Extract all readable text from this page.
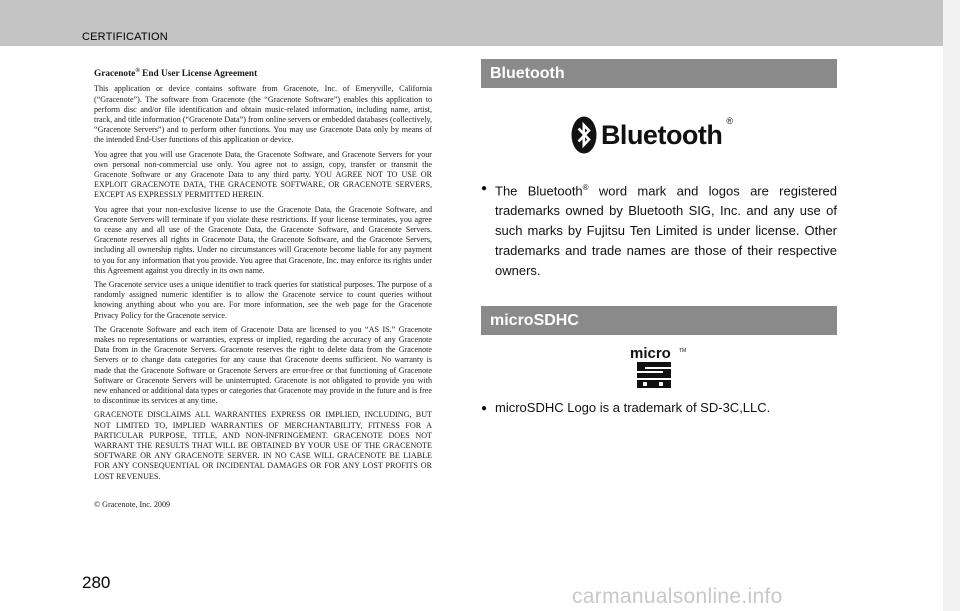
CERTIFICATION
Gracenote® End User License Agreement

This application or device contains software from Gracenote, Inc. of Emeryville, California (“Gracenote”). The software from Gracenote (the “Gracenote Software”) enables this application to perform disc and/or file identification and obtain music-related information, including name, artist, track, and title information (“Gracenote Data”) from online servers or embedded databases (collectively, “Gracenote Servers”) and to perform other functions. You may use Gracenote Data only by means of the intended End-User functions of this application or device.

You agree that you will use Gracenote Data, the Gracenote Software, and Gracenote Servers for your own personal non-commercial use only. You agree not to assign, copy, transfer or transmit the Gracenote Software or any Gracenote Data to any third party. YOU AGREE NOT TO USE OR EXPLOIT GRACENOTE DATA, THE GRACENOTE SOFTWARE, OR GRACENOTE SERVERS, EXCEPT AS EXPRESSLY PERMITTED HEREIN.

You agree that your non-exclusive license to use the Gracenote Data, the Gracenote Software, and Gracenote Servers will terminate if you violate these restrictions. If your license terminates, you agree to cease any and all use of the Gracenote Data, the Gracenote Software, and Gracenote Servers. Gracenote reserves all rights in Gracenote Data, the Gracenote Software, and the Gracenote Servers, including all ownership rights. Under no circumstances will Gracenote become liable for any payment to you for any information that you provide. You agree that Gracenote, Inc. may enforce its rights under this Agreement against you directly in its own name.

The Gracenote service uses a unique identifier to track queries for statistical purposes. The purpose of a randomly assigned numeric identifier is to allow the Gracenote service to count queries without knowing anything about who you are. For more information, see the web page for the Gracenote Privacy Policy for the Gracenote service.

The Gracenote Software and each item of Gracenote Data are licensed to you “AS IS.” Gracenote makes no representations or warranties, express or implied, regarding the accuracy of any Gracenote Data from in the Gracenote Servers. Gracenote reserves the right to delete data from the Gracenote Servers or to change data categories for any cause that Gracenote deems sufficient. No warranty is made that the Gracenote Software or Gracenote Servers are error-free or that functioning of Gracenote Software or Gracenote Servers will be uninterrupted. Gracenote is not obligated to provide you with new enhanced or additional data types or categories that Gracenote may provide in the future and is free to discontinue its services at any time.

GRACENOTE DISCLAIMS ALL WARRANTIES EXPRESS OR IMPLIED, INCLUDING, BUT NOT LIMITED TO, IMPLIED WARRANTIES OF MERCHANTABILITY, FITNESS FOR A PARTICULAR PURPOSE, TITLE, AND NON-INFRINGEMENT. GRACENOTE DOES NOT WARRANT THE RESULTS THAT WILL BE OBTAINED BY YOUR USE OF THE GRACENOTE SOFTWARE OR ANY GRACENOTE SERVER. IN NO CASE WILL GRACENOTE BE LIABLE FOR ANY CONSEQUENTIAL OR INCIDENTAL DAMAGES OR FOR ANY LOST PROFITS OR LOST REVENUES.

© Gracenote, Inc. 2009

280
Bluetooth
Bluetooth ®
● The Bluetooth® word mark and logos are registered trademarks owned by Bluetooth SIG, Inc. and any use of such marks by Fujitsu Ten Limited is under license. Other trademarks and trade names are those of their respective owners.
microSDHC
micro TM
● microSDHC Logo is a trademark of SD-3C,LLC.
carmanualsonline.info
